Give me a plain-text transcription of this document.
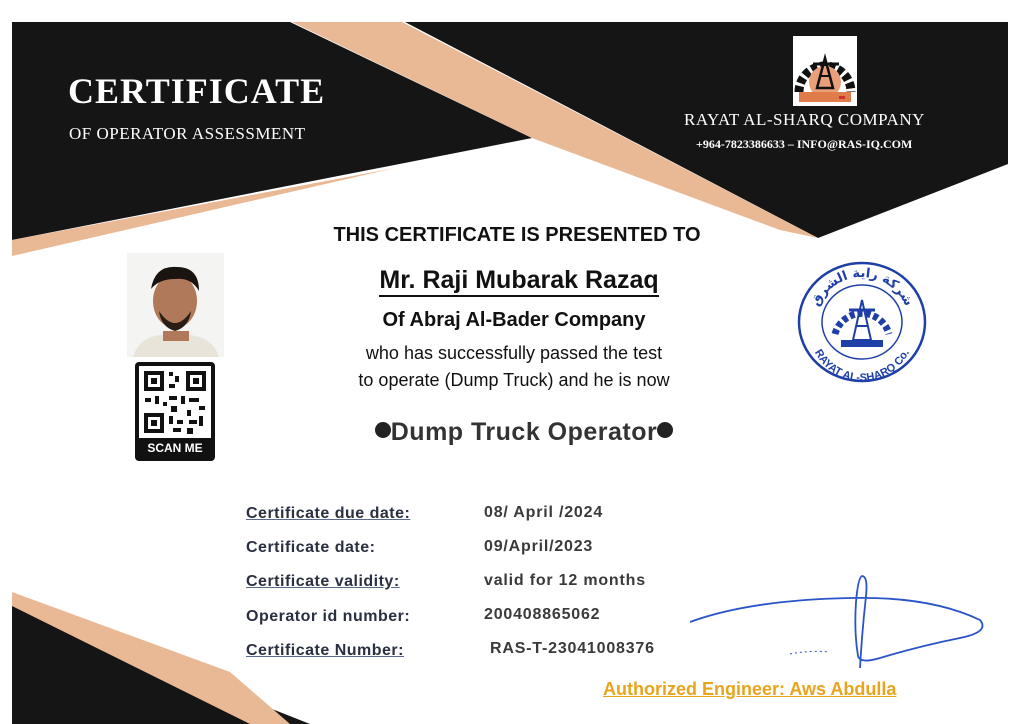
CERTIFICATE
OF OPERATOR ASSESSMENT
RAYAT AL-SHARQ COMPANY
+964-7823386633 – INFO@RAS-IQ.COM
SCAN ME
THIS CERTIFICATE IS PRESENTED TO
Mr. Raji Mubarak Razaq
Of Abraj Al-Bader Company
who has successfully passed the test
to operate (Dump Truck) and he is now
Dump Truck Operator
شركة راية الشرق
RAYAT AL-SHARQ Co.
Certificate due date:	08/ April /2024
Certificate date:	09/April/2023
Certificate validity:	valid for 12 months
Operator id number:	200408865062
Certificate Number:	RAS-T-23041008376
Authorized Engineer: Aws Abdulla
